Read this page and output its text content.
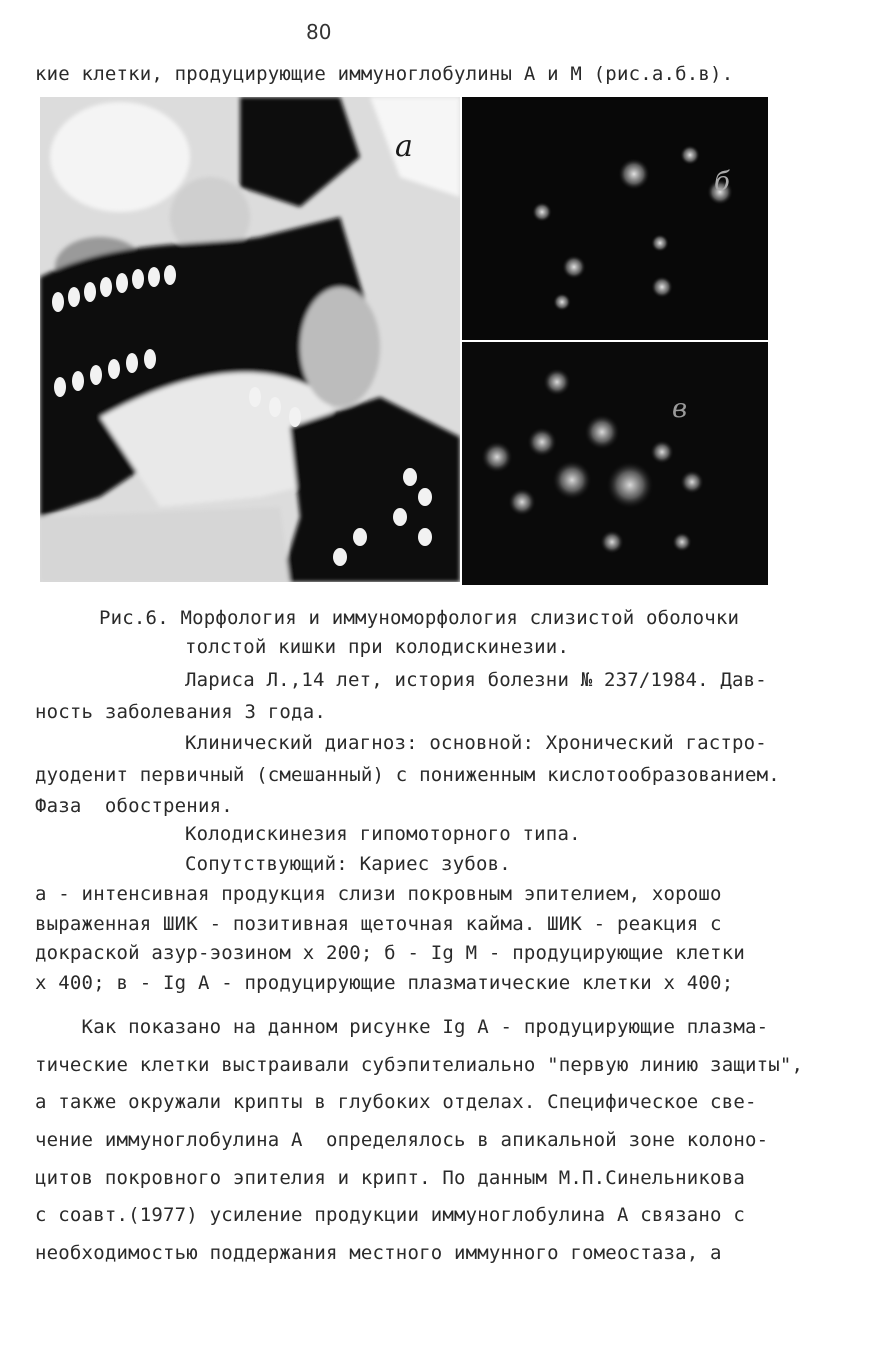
80
кие клетки, продуцирующие иммуноглобулины А и М (рис.а.б.в).
а
б
в
Рис.6. Морфология и иммуноморфология слизистой оболочки
толстой кишки при колодискинезии.
Лариса Л.,14 лет, история болезни № 237/1984. Дав-
ность заболевания 3 года.
Клинический диагноз: основной: Хронический гастро-
дуоденит первичный (смешанный) с пониженным кислотообразованием.
Фаза  обострения.
Колодискинезия гипомоторного типа.
Сопутствующий: Кариес зубов.
а - интенсивная продукция слизи покровным эпителием, хорошо
выраженная ШИК - позитивная щеточная кайма. ШИК - реакция с
докраской азур-эозином х 200; б - Ig М - продуцирующие клетки
х 400; в - Ig А - продуцирующие плазматические клетки х 400;
Как показано на данном рисунке Ig А - продуцирующие плазма-
тические клетки выстраивали субэпителиально "первую линию защиты",
а также окружали крипты в глубоких отделах. Специфическое све-
чение иммуноглобулина А  определялось в апикальной зоне колоно-
цитов покровного эпителия и крипт. По данным М.П.Синельникова
с соавт.(1977) усиление продукции иммуноглобулина А связано с
необходимостью поддержания местного иммунного гомеостаза, а
